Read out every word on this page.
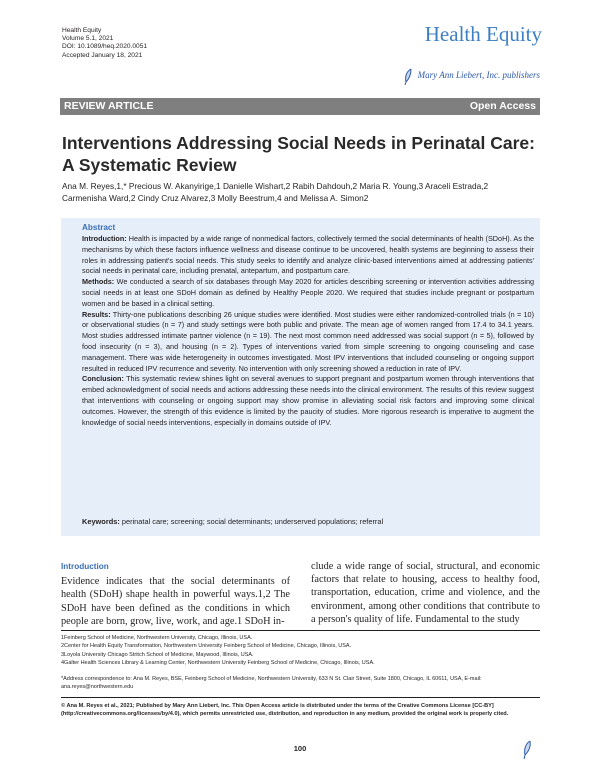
Health Equity
Volume 5.1, 2021
DOI: 10.1089/heq.2020.0051
Accepted January 18, 2021
Health Equity
Mary Ann Liebert, Inc. publishers
REVIEW ARTICLE	Open Access
Interventions Addressing Social Needs in Perinatal Care:
A Systematic Review
Ana M. Reyes,1,* Precious W. Akanyirige,1 Danielle Wishart,2 Rabih Dahdouh,2 Maria R. Young,3 Araceli Estrada,2
Carmenisha Ward,2 Cindy Cruz Alvarez,3 Molly Beestrum,4 and Melissa A. Simon2
Abstract

Introduction: Health is impacted by a wide range of nonmedical factors, collectively termed the social determinants of health (SDoH). As the mechanisms by which these factors influence wellness and disease continue to be uncovered, health systems are beginning to assess their roles in addressing patient's social needs. This study seeks to identify and analyze clinic-based interventions aimed at addressing patients' social needs in perinatal care, including prenatal, antepartum, and postpartum care.

Methods: We conducted a search of six databases through May 2020 for articles describing screening or intervention activities addressing social needs in at least one SDoH domain as defined by Healthy People 2020. We required that studies include pregnant or postpartum women and be based in a clinical setting.

Results: Thirty-one publications describing 26 unique studies were identified. Most studies were either randomized-controlled trials (n = 10) or observational studies (n = 7) and study settings were both public and private. The mean age of women ranged from 17.4 to 34.1 years. Most studies addressed intimate partner violence (n = 19). The next most common need addressed was social support (n = 5), followed by food insecurity (n = 3), and housing (n = 2). Types of interventions varied from simple screening to ongoing counseling and case management. There was wide heterogeneity in outcomes investigated. Most IPV interventions that included counseling or ongoing support resulted in reduced IPV recurrence and severity. No intervention with only screening showed a reduction in rate of IPV.

Conclusion: This systematic review shines light on several avenues to support pregnant and postpartum women through interventions that embed acknowledgment of social needs and actions addressing these needs into the clinical environment. The results of this review suggest that interventions with counseling or ongoing support may show promise in alleviating social risk factors and improving some clinical outcomes. However, the strength of this evidence is limited by the paucity of studies. More rigorous research is imperative to augment the knowledge of social needs interventions, especially in domains outside of IPV.

Keywords: perinatal care; screening; social determinants; underserved populations; referral
Introduction
Evidence indicates that the social determinants of health (SDoH) shape health in powerful ways.1,2 The SDoH have been defined as the conditions in which people are born, grow, live, work, and age.1 SDoH in-
clude a wide range of social, structural, and economic factors that relate to housing, access to healthy food, transportation, education, crime and violence, and the environment, among other conditions that contribute to a person's quality of life. Fundamental to the study
1Feinberg School of Medicine, Northwestern University, Chicago, Illinois, USA.
2Center for Health Equity Transformation, Northwestern University Feinberg School of Medicine, Chicago, Illinois, USA.
3Loyola University Chicago Stritch School of Medicine, Maywood, Illinois, USA.
4Galter Health Sciences Library & Learning Center, Northwestern University Feinberg School of Medicine, Chicago, Illinois, USA.
*Address correspondence to: Ana M. Reyes, BSE, Feinberg School of Medicine, Northwestern University, 633 N St. Clair Street, Suite 1800, Chicago, IL 60611, USA, E-mail: ana.reyes@northwestern.edu
© Ana M. Reyes et al., 2021; Published by Mary Ann Liebert, Inc. This Open Access article is distributed under the terms of the Creative Commons License [CC-BY] (http://creativecommons.org/licenses/by/4.0), which permits unrestricted use, distribution, and reproduction in any medium, provided the original work is properly cited.
100
